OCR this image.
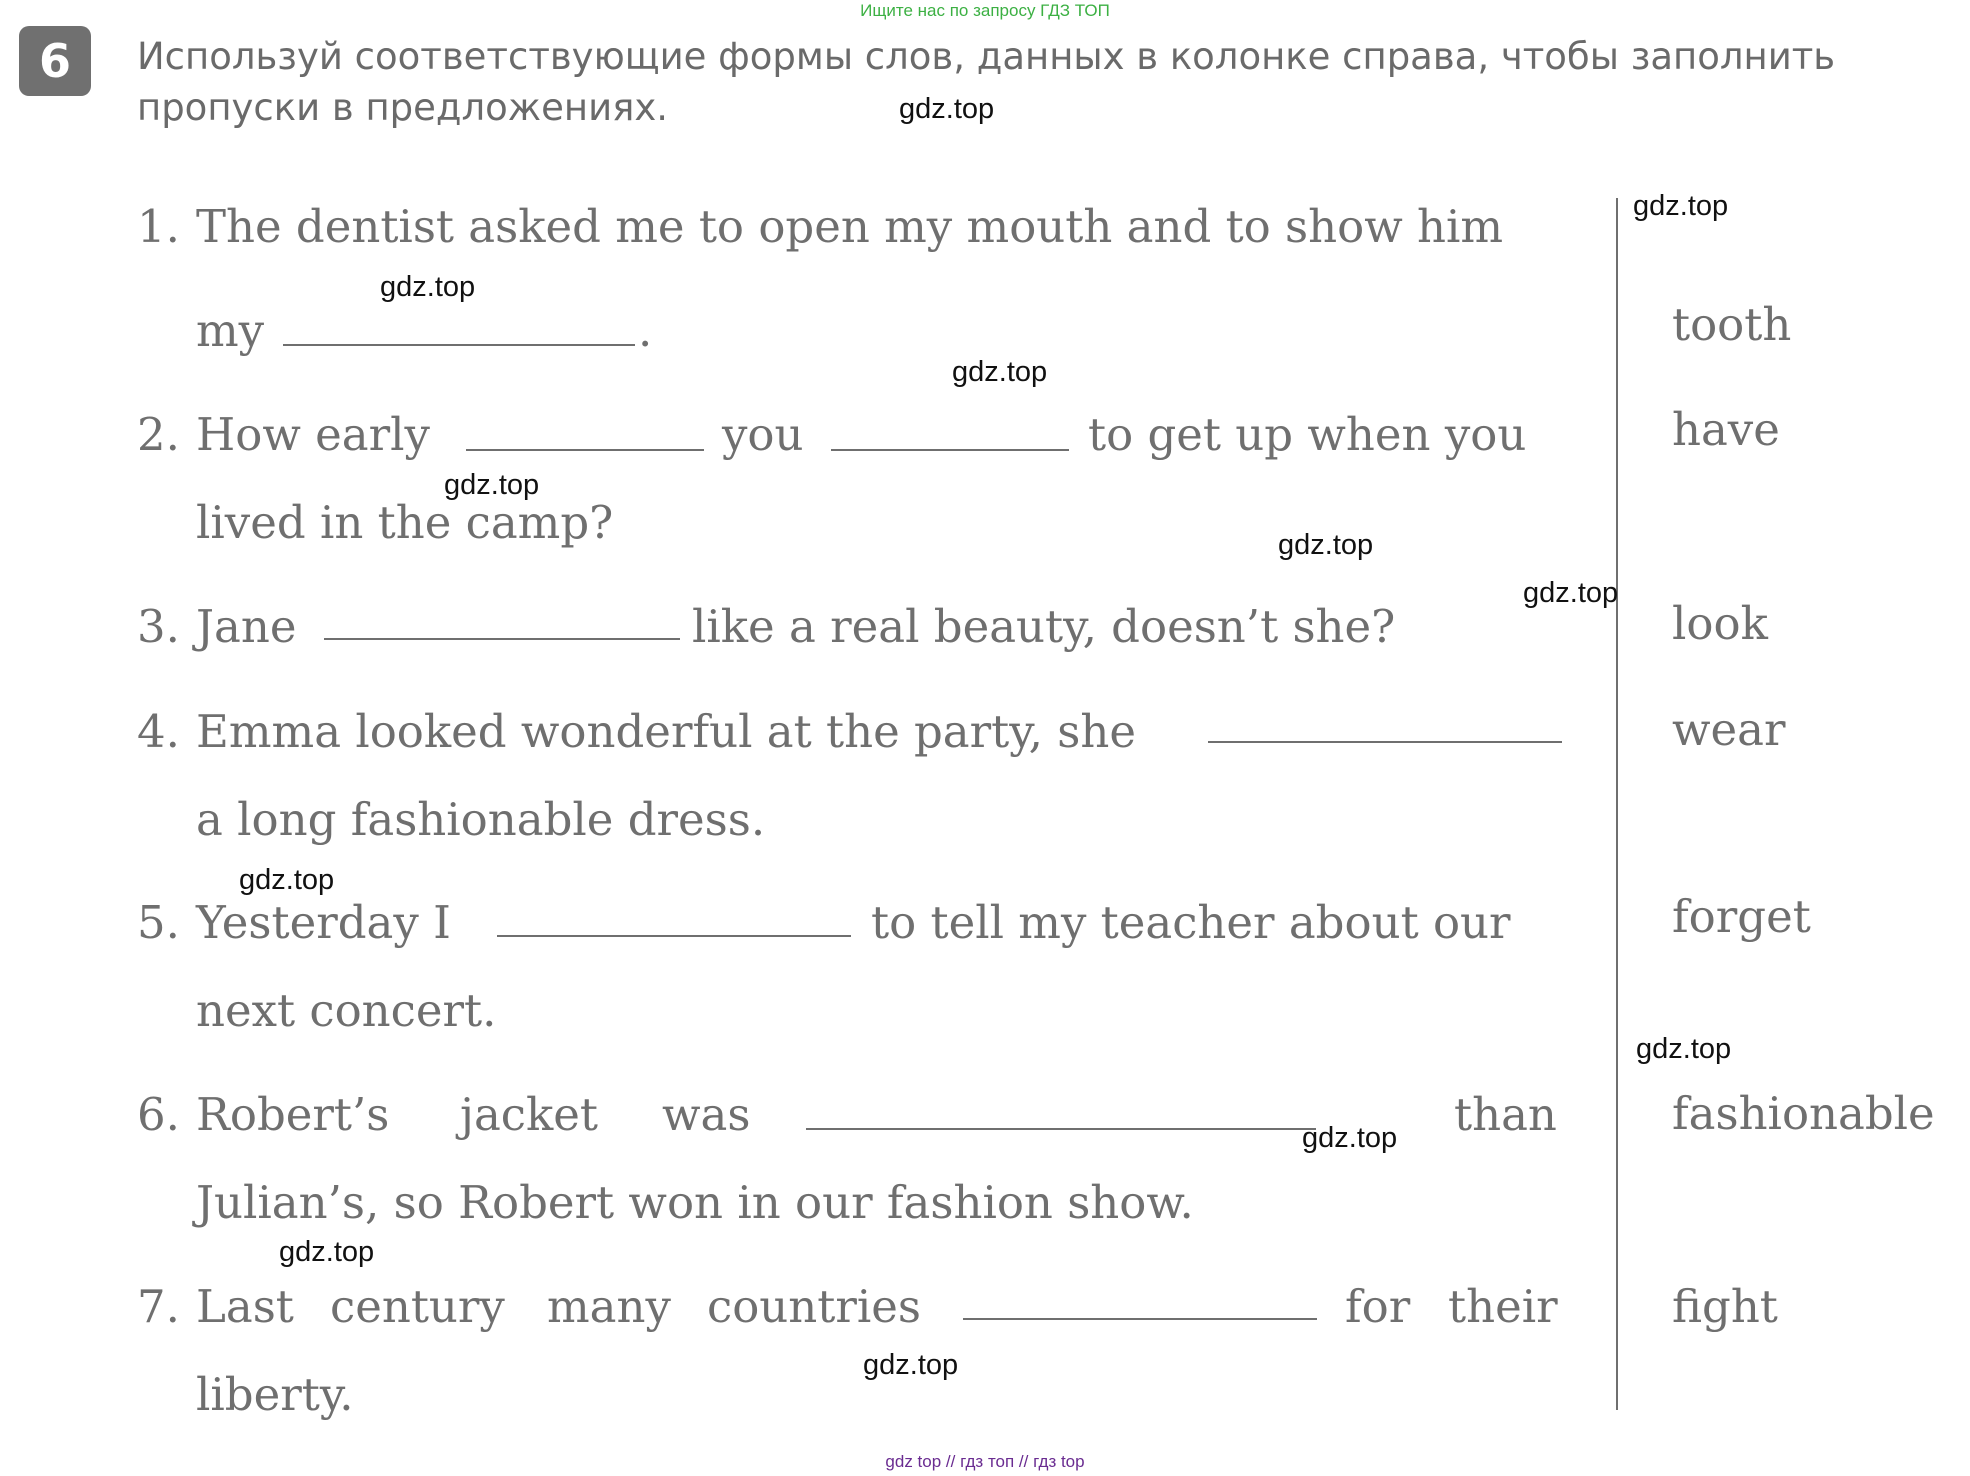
Ищите нас по запросу ГДЗ ТОП
6	Используй соответствующие формы слов, данных в колонке справа, чтобы заполнить
пропуски в предложениях.
1. The dentist asked me to open my mouth and to show him
my	.
2. How early	you	to get up when you
lived in the camp?
3. Jane	like a real beauty, doesn’t she?
4. Emma looked wonderful at the party, she
a long fashionable dress.
5. Yesterday I	to tell my teacher about our
next concert.
6. Robert’s jacket was	than
Julian’s, so Robert won in our fashion show.
7. Last century many countries	for their
liberty.
tooth
have
look
wear
forget
fashionable
fight
gdz.top
gdz.top
gdz.top
gdz.top
gdz.top
gdz.top
gdz.top
gdz.top
gdz.top
gdz.top
gdz.top
gdz.top
gdz top // гдз топ // гдз top
